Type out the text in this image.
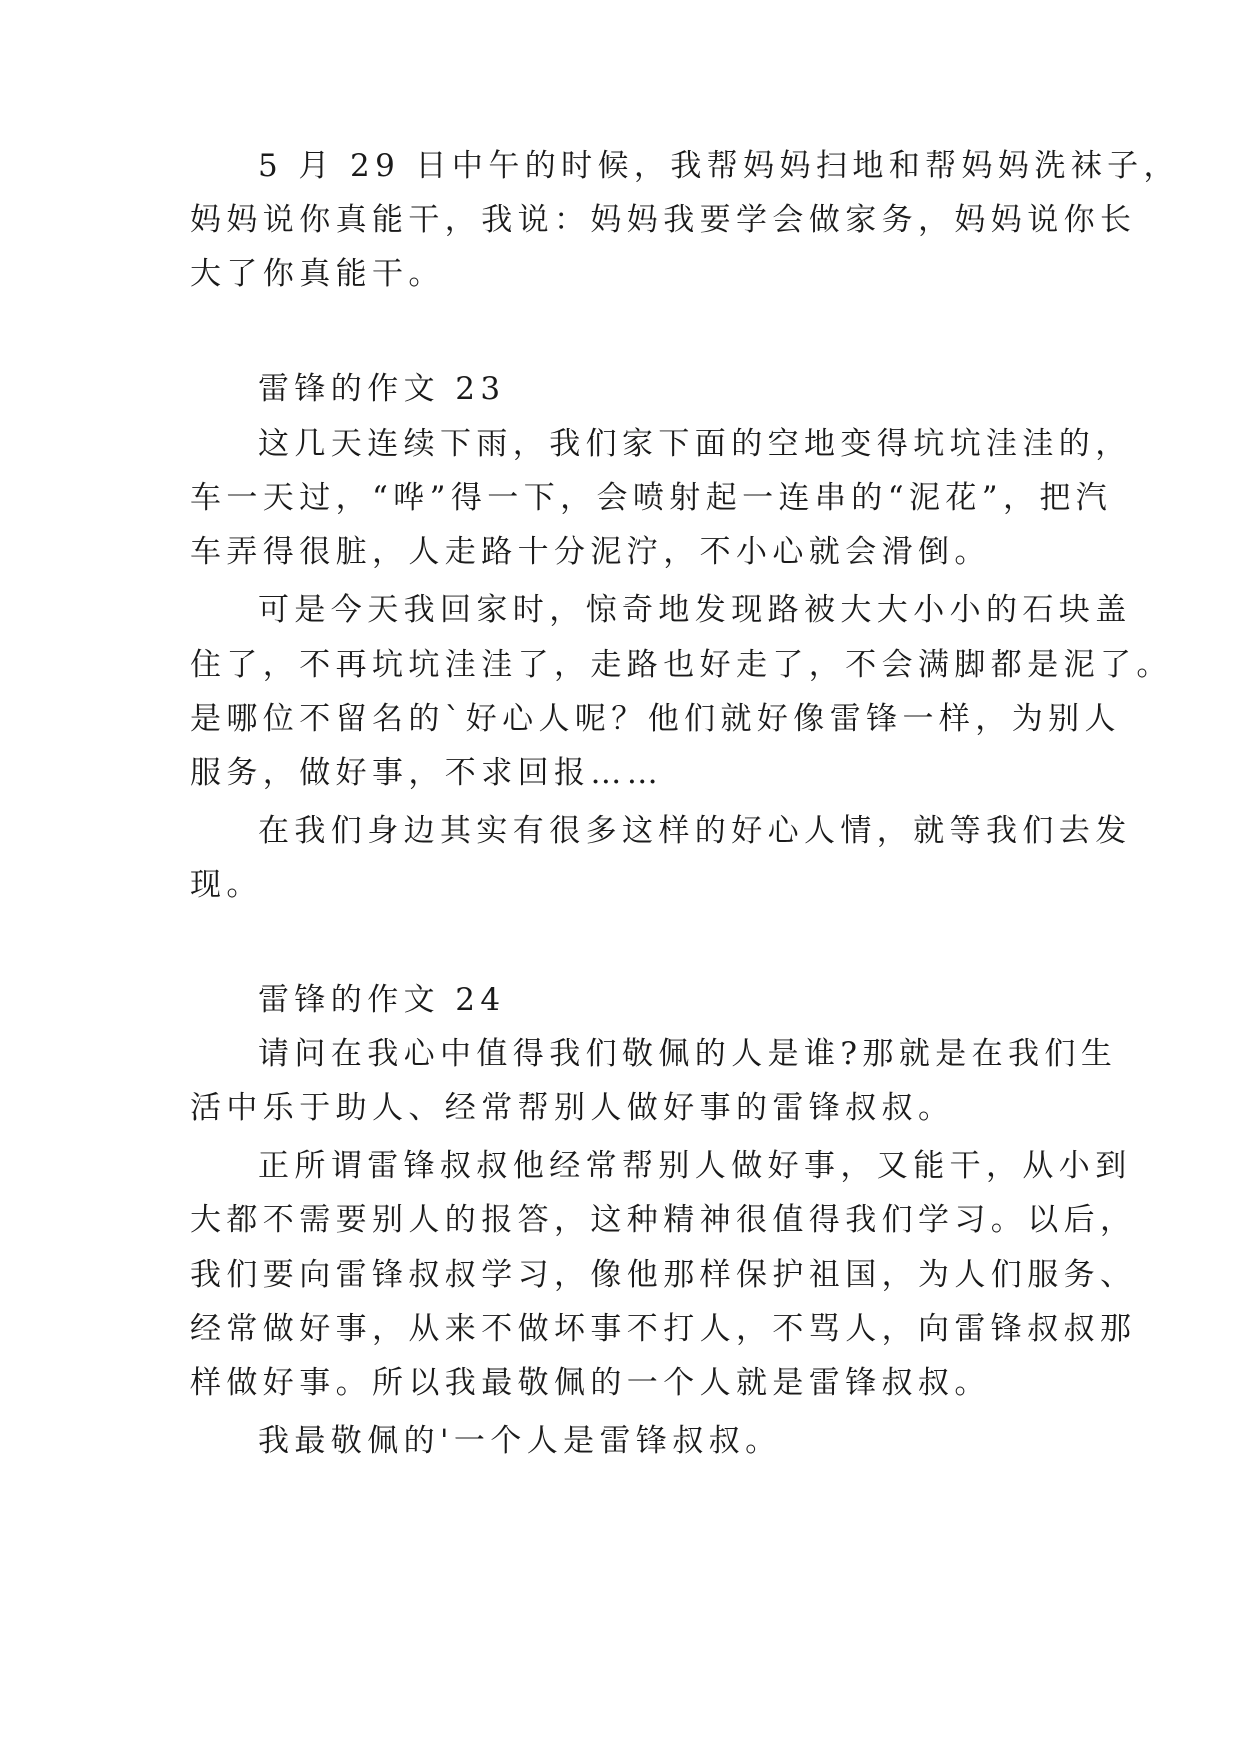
5 月 29 日中午的时候，我帮妈妈扫地和帮妈妈洗袜子，

妈妈说你真能干，我说：妈妈我要学会做家务，妈妈说你长

大了你真能干。

雷锋的作文 23

这几天连续下雨，我们家下面的空地变得坑坑洼洼的，

车一天过，“哗”得一下，会喷射起一连串的“泥花”，把汽

车弄得很脏，人走路十分泥泞，不小心就会滑倒。

可是今天我回家时，惊奇地发现路被大大小小的石块盖

住了，不再坑坑洼洼了，走路也好走了，不会满脚都是泥了。

是哪位不留名的`好心人呢？他们就好像雷锋一样，为别人

服务，做好事，不求回报……

在我们身边其实有很多这样的好心人情，就等我们去发

现。

雷锋的作文 24

请问在我心中值得我们敬佩的人是谁?那就是在我们生

活中乐于助人、经常帮别人做好事的雷锋叔叔。

正所谓雷锋叔叔他经常帮别人做好事，又能干，从小到

大都不需要别人的报答，这种精神很值得我们学习。以后，

我们要向雷锋叔叔学习，像他那样保护祖国，为人们服务、

经常做好事，从来不做坏事不打人，不骂人，向雷锋叔叔那

样做好事。所以我最敬佩的一个人就是雷锋叔叔。

我最敬佩的'一个人是雷锋叔叔。
